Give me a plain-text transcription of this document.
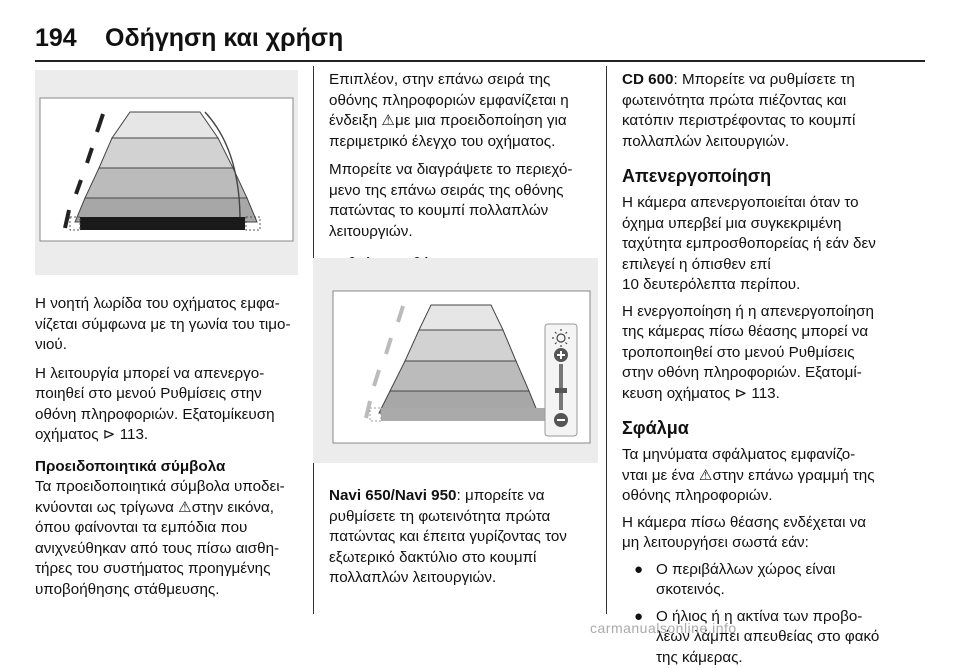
194 Οδήγηση και χρήση

Η νοητή λωρίδα του οχήματος εμφα-
νίζεται σύμφωνα με τη γωνία του τιμο-
νιού.

Η λειτουργία μπορεί να απενεργο-
ποιηθεί στο μενού Ρυθμίσεις στην
οθόνη πληροφοριών. Εξατομίκευση
οχήματος ⊳ 113.

Προειδοποιητικά σύμβολα

Τα προειδοποιητικά σύμβολα υποδει-
κνύονται ως τρίγωνα ⚠στην εικόνα,
όπου φαίνονται τα εμπόδια που
ανιχνεύθηκαν από τους πίσω αισθη-
τήρες του συστήματος προηγμένης
υποβοήθησης στάθμευσης.

Επιπλέον, στην επάνω σειρά της
οθόνης πληροφοριών εμφανίζεται η
ένδειξη ⚠με μια προειδοποίηση για
περιμετρικό έλεγχο του οχήματος.

Μπορείτε να διαγράψετε το περιεχό-
μενο της επάνω σειράς της οθόνης
πατώντας το κουμπί πολλαπλών
λειτουργιών.

Navi 650/Navi 950: μπορείτε να
ρυθμίσετε τη φωτεινότητα πρώτα
πατώντας και έπειτα γυρίζοντας τον
εξωτερικό δακτύλιο στο κουμπί
πολλαπλών λειτουργιών.

CD 600: Μπορείτε να ρυθμίσετε τη
φωτεινότητα πρώτα πιέζοντας και
κατόπιν περιστρέφοντας το κουμπί
πολλαπλών λειτουργιών.

Απενεργοποίηση

Η κάμερα απενεργοποιείται όταν το
όχημα υπερβεί μια συγκεκριμένη
ταχύτητα εμπροσθοπορείας ή εάν δεν
επιλεγεί η όπισθεν επί
10 δευτερόλεπτα περίπου.

Η ενεργοποίηση ή η απενεργοποίηση
της κάμερας πίσω θέασης μπορεί να
τροποποιηθεί στο μενού Ρυθμίσεις
στην οθόνη πληροφοριών. Εξατομί-
κευση οχήματος ⊳ 113.

Σφάλμα

Τα μηνύματα σφάλματος εμφανίζο-
νται με ένα ⚠στην επάνω γραμμή της
οθόνης πληροφοριών.

Η κάμερα πίσω θέασης ενδέχεται να
μη λειτουργήσει σωστά εάν:

● Ο περιβάλλων χώρος είναι
σκοτεινός.

● Ο ήλιος ή η ακτίνα των προβο-
λέων λάμπει απευθείας στο φακό
της κάμερας.

carmanualsonline.info
